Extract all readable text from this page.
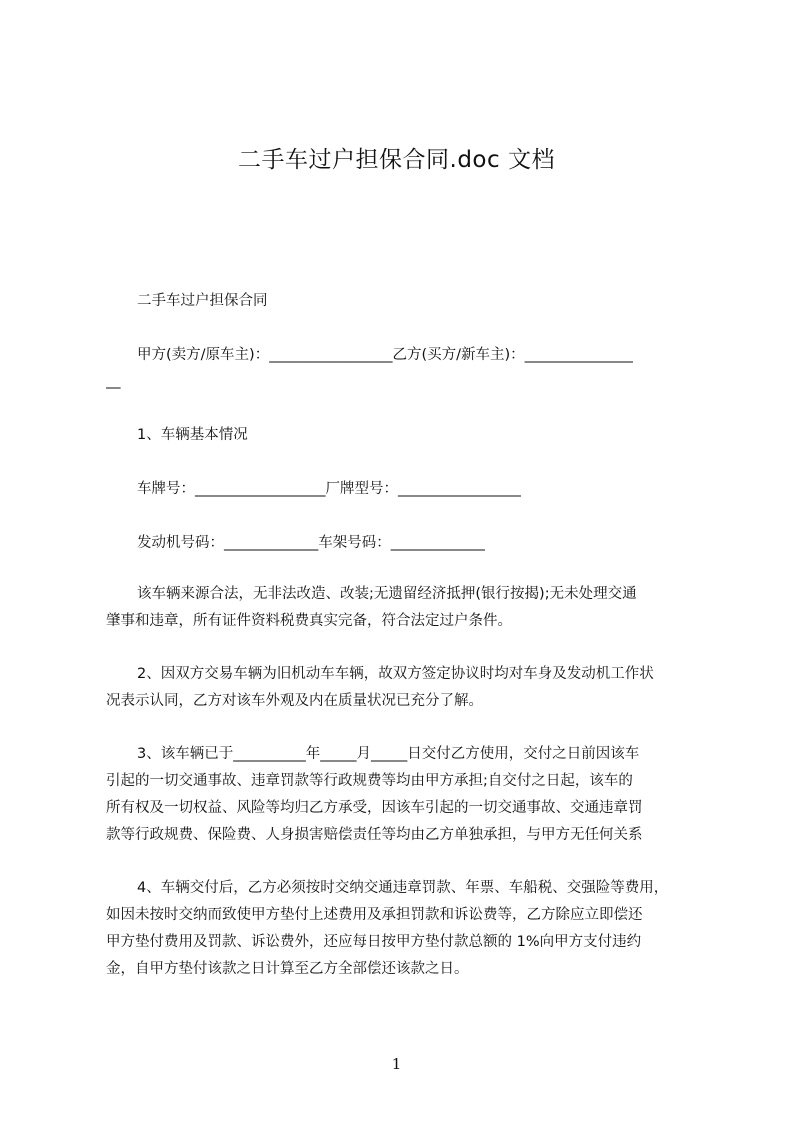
二手车过户担保合同.doc 文档
二手车过户担保合同
甲方(卖方/原车主)：_________________乙方(买方/新车主)：_______________
__
1、车辆基本情况
车牌号：__________________厂牌型号：_________________
发动机号码：_____________车架号码：_____________
该车辆来源合法，无非法改造、改装;无遗留经济抵押(银行按揭);无未处理交通
肇事和违章，所有证件资料税费真实完备，符合法定过户条件。
2、因双方交易车辆为旧机动车车辆，故双方签定协议时均对车身及发动机工作状
况表示认同，乙方对该车外观及内在质量状况已充分了解。
3、该车辆已于__________年_____月_____日交付乙方使用，交付之日前因该车
引起的一切交通事故、违章罚款等行政规费等均由甲方承担;自交付之日起，该车的
所有权及一切权益、风险等均归乙方承受，因该车引起的一切交通事故、交通违章罚
款等行政规费、保险费、人身损害赔偿责任等均由乙方单独承担，与甲方无任何关系
4、车辆交付后，乙方必须按时交纳交通违章罚款、年票、车船税、交强险等费用，
如因未按时交纳而致使甲方垫付上述费用及承担罚款和诉讼费等，乙方除应立即偿还
甲方垫付费用及罚款、诉讼费外，还应每日按甲方垫付款总额的 1%向甲方支付违约
金，自甲方垫付该款之日计算至乙方全部偿还该款之日。
1
